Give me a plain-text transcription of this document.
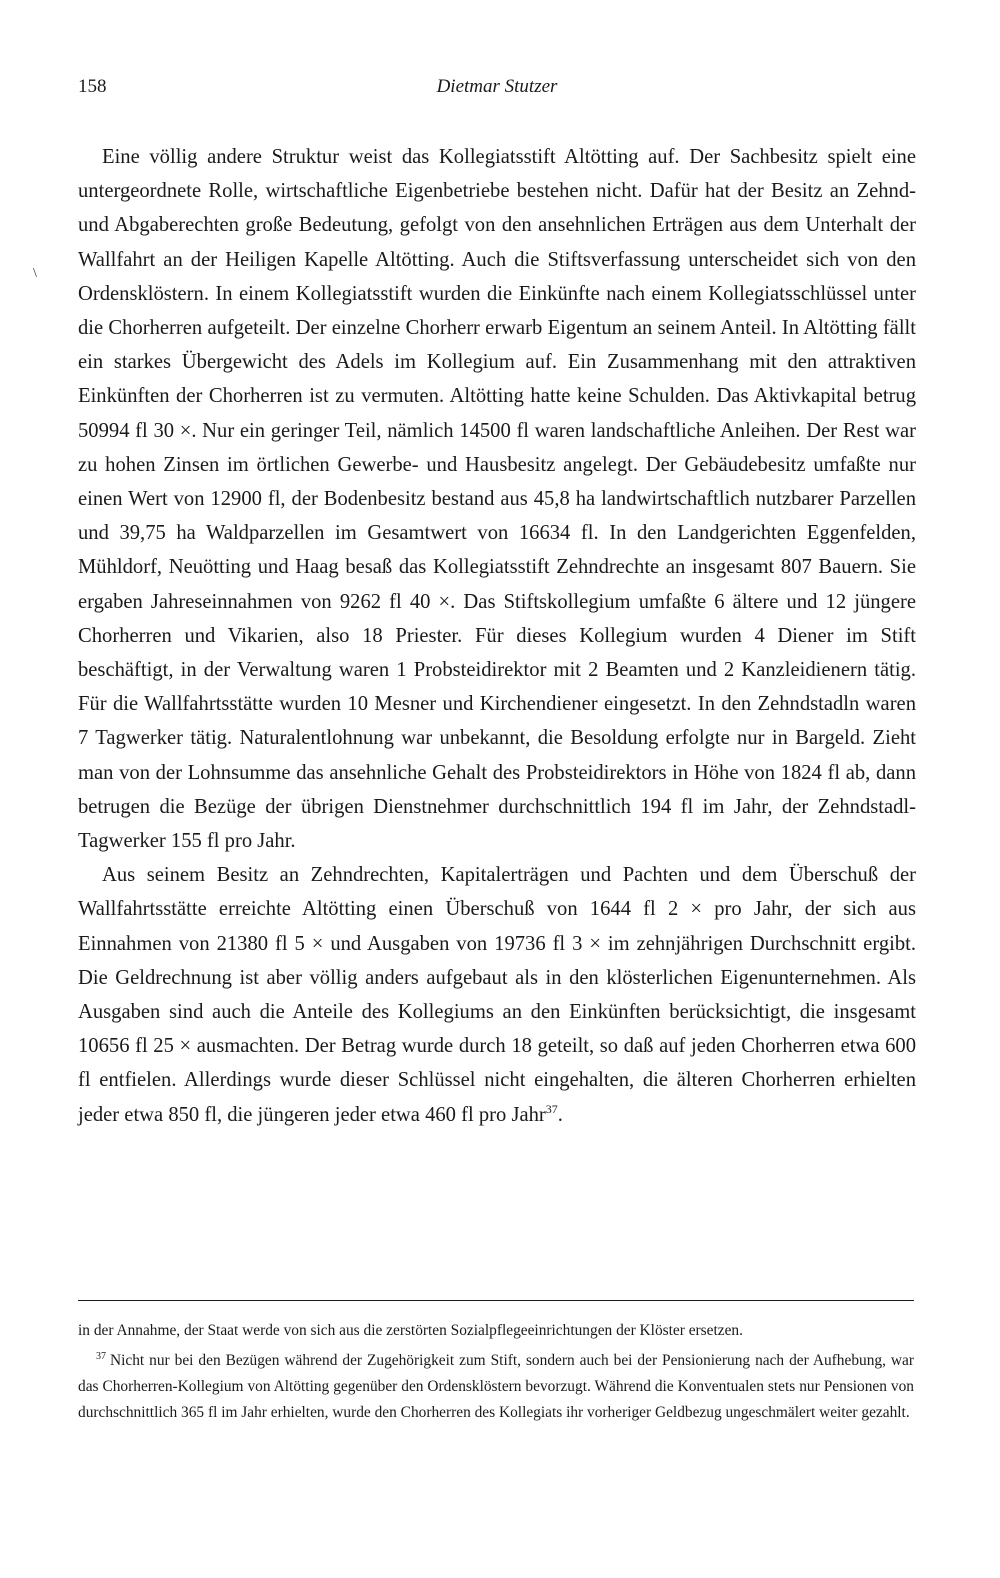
158	Dietmar Stutzer
\

Eine völlig andere Struktur weist das Kollegiatsstift Altötting auf. Der Sachbesitz spielt eine untergeordnete Rolle, wirtschaftliche Eigenbetriebe bestehen nicht. Dafür hat der Besitz an Zehnd- und Abgaberechten große Bedeutung, gefolgt von den ansehnlichen Erträgen aus dem Unterhalt der Wallfahrt an der Heiligen Kapelle Altötting. Auch die Stiftsverfassung unterscheidet sich von den Ordensklöstern. In einem Kollegiatsstift wurden die Einkünfte nach einem Kollegiatsschlüssel unter die Chorherren aufgeteilt. Der einzelne Chorherr erwarb Eigentum an seinem Anteil. In Altötting fällt ein starkes Übergewicht des Adels im Kollegium auf. Ein Zusammenhang mit den attraktiven Einkünften der Chorherren ist zu vermuten. Altötting hatte keine Schulden. Das Aktivkapital betrug 50994 fl 30 ×. Nur ein geringer Teil, nämlich 14500 fl waren landschaftliche Anleihen. Der Rest war zu hohen Zinsen im örtlichen Gewerbe- und Hausbesitz angelegt. Der Gebäudebesitz umfaßte nur einen Wert von 12900 fl, der Bodenbesitz bestand aus 45,8 ha landwirtschaftlich nutzbarer Parzellen und 39,75 ha Waldparzellen im Gesamtwert von 16634 fl. In den Landgerichten Eggenfelden, Mühldorf, Neuötting und Haag besaß das Kollegiatsstift Zehndrechte an insgesamt 807 Bauern. Sie ergaben Jahreseinnahmen von 9262 fl 40 ×. Das Stiftskollegium umfaßte 6 ältere und 12 jüngere Chorherren und Vikarien, also 18 Priester. Für dieses Kollegium wurden 4 Diener im Stift beschäftigt, in der Verwaltung waren 1 Probsteidirektor mit 2 Beamten und 2 Kanzleidienern tätig. Für die Wallfahrtsstätte wurden 10 Mesner und Kirchendiener eingesetzt. In den Zehndstadln waren 7 Tagwerker tätig. Naturalentlohnung war unbekannt, die Besoldung erfolgte nur in Bargeld. Zieht man von der Lohnsumme das ansehnliche Gehalt des Probsteidirektors in Höhe von 1824 fl ab, dann betrugen die Bezüge der übrigen Dienstnehmer durchschnittlich 194 fl im Jahr, der Zehndstadl-Tagwerker 155 fl pro Jahr.

Aus seinem Besitz an Zehndrechten, Kapitalerträgen und Pachten und dem Überschuß der Wallfahrtsstätte erreichte Altötting einen Überschuß von 1644 fl 2 × pro Jahr, der sich aus Einnahmen von 21380 fl 5 × und Ausgaben von 19736 fl 3 × im zehnjährigen Durchschnitt ergibt. Die Geldrechnung ist aber völlig anders aufgebaut als in den klösterlichen Eigenunternehmen. Als Ausgaben sind auch die Anteile des Kollegiums an den Einkünften berücksichtigt, die insgesamt 10656 fl 25 × ausmachten. Der Betrag wurde durch 18 geteilt, so daß auf jeden Chorherren etwa 600 fl entfielen. Allerdings wurde dieser Schlüssel nicht eingehalten, die älteren Chorherren erhielten jeder etwa 850 fl, die jüngeren jeder etwa 460 fl pro Jahr$^{37}$.

in der Annahme, der Staat werde von sich aus die zerstörten Sozialpflegeeinrichtungen der Klöster ersetzen.

$^{37}$ Nicht nur bei den Bezügen während der Zugehörigkeit zum Stift, sondern auch bei der Pensionierung nach der Aufhebung, war das Chorherren-Kollegium von Altötting gegenüber den Ordensklöstern bevorzugt. Während die Konventualen stets nur Pensionen von durchschnittlich 365 fl im Jahr erhielten, wurde den Chorherren des Kollegiats ihr vorheriger Geldbezug ungeschmälert weiter gezahlt.
